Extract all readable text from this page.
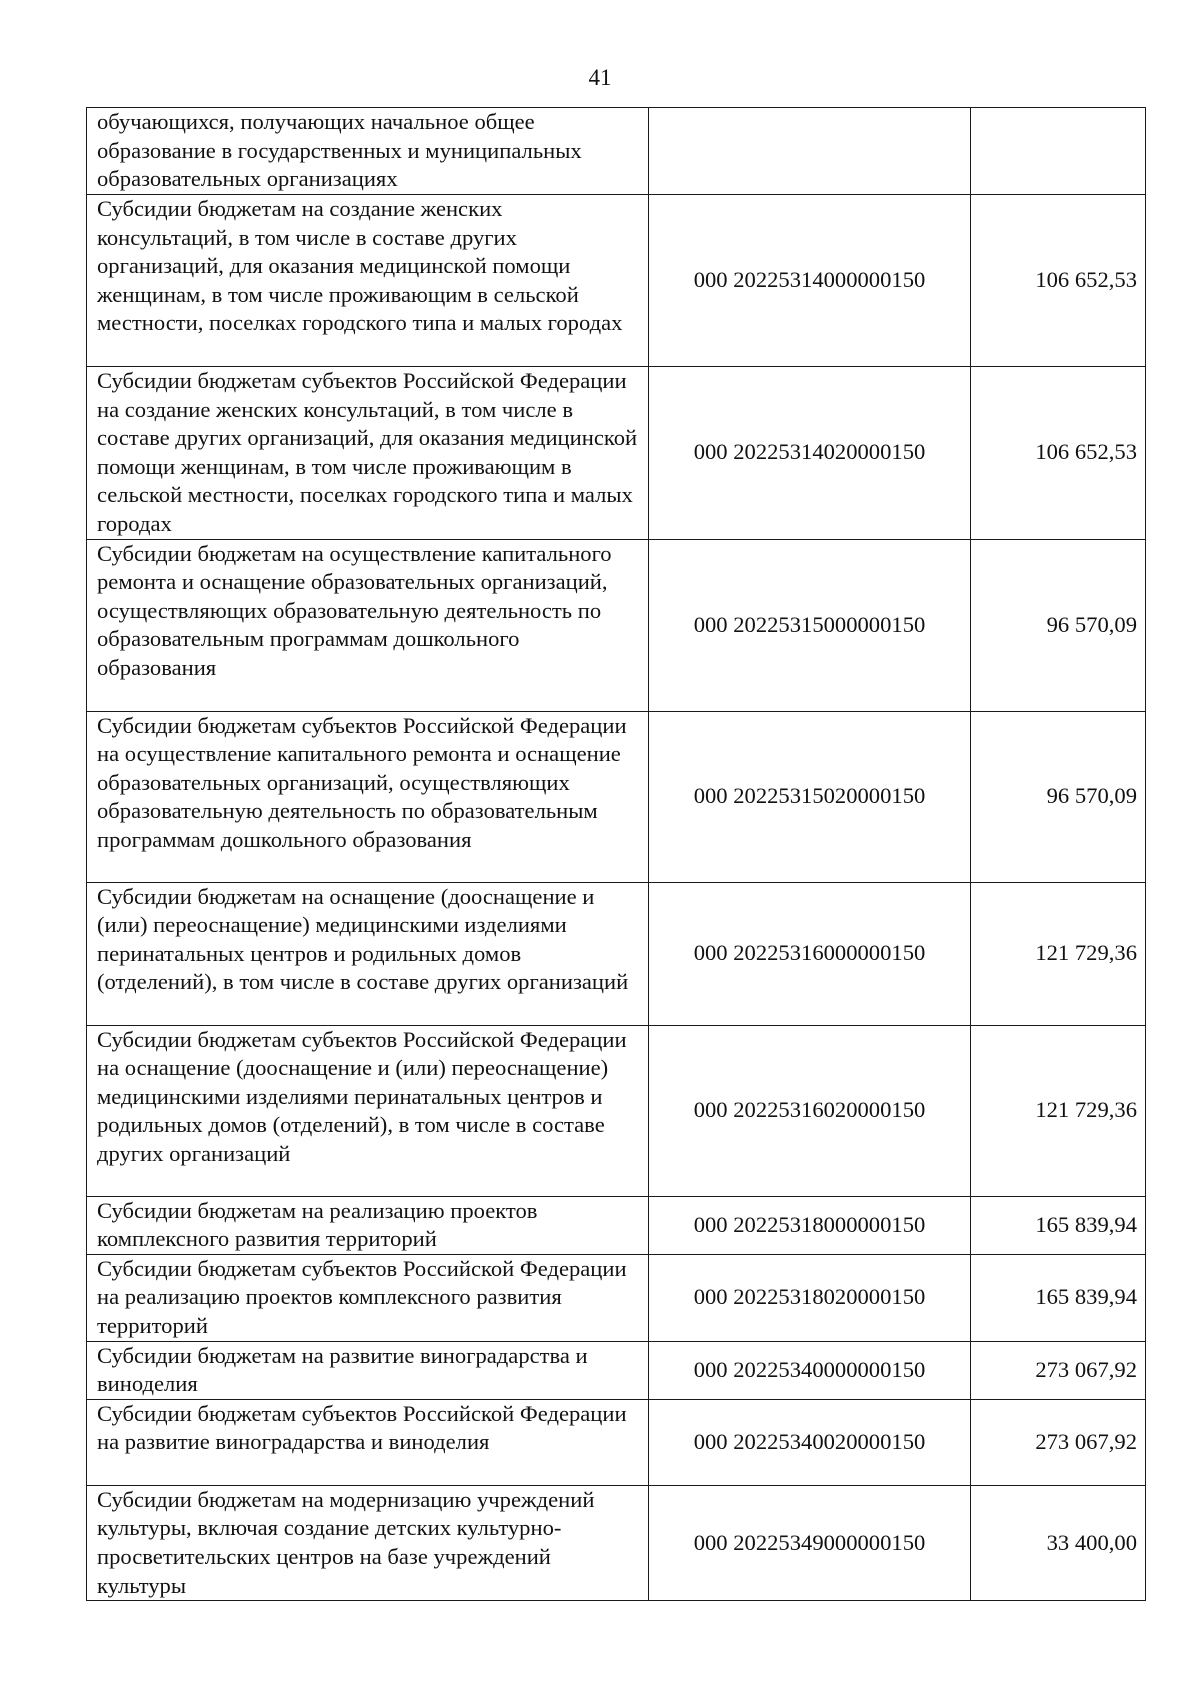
41
обучающихся, получающих начальное общее образование в государственных и муниципальных образовательных организациях		
Субсидии бюджетам на создание женских консультаций, в том числе в составе других организаций, для оказания медицинской помощи женщинам, в том числе проживающим в сельской местности, поселках городского типа и малых городах	000 20225314000000150	106 652,53
Субсидии бюджетам субъектов Российской Федерации на создание женских консультаций, в том числе в составе других организаций, для оказания медицинской помощи женщинам, в том числе проживающим в сельской местности, поселках городского типа и малых городах	000 20225314020000150	106 652,53
Субсидии бюджетам на осуществление капитального ремонта и оснащение образовательных организаций, осуществляющих образовательную деятельность по образовательным программам дошкольного образования	000 20225315000000150	96 570,09
Субсидии бюджетам субъектов Российской Федерации на осуществление капитального ремонта и оснащение образовательных организаций, осуществляющих образовательную деятельность по образовательным программам дошкольного образования	000 20225315020000150	96 570,09
Субсидии бюджетам на оснащение (дооснащение и (или) переоснащение) медицинскими изделиями перинатальных центров и родильных домов (отделений), в том числе в составе других организаций	000 20225316000000150	121 729,36
Субсидии бюджетам субъектов Российской Федерации на оснащение (дооснащение и (или) переоснащение) медицинскими изделиями перинатальных центров и родильных домов (отделений), в том числе в составе других организаций	000 20225316020000150	121 729,36
Субсидии бюджетам на реализацию проектов комплексного развития территорий	000 20225318000000150	165 839,94
Субсидии бюджетам субъектов Российской Федерации на реализацию проектов комплексного развития территорий	000 20225318020000150	165 839,94
Субсидии бюджетам на развитие виноградарства и виноделия	000 20225340000000150	273 067,92
Субсидии бюджетам субъектов Российской Федерации на развитие виноградарства и виноделия	000 20225340020000150	273 067,92
Субсидии бюджетам на модернизацию учреждений культуры, включая создание детских культурно-просветительских центров на базе учреждений культуры	000 20225349000000150	33 400,00
